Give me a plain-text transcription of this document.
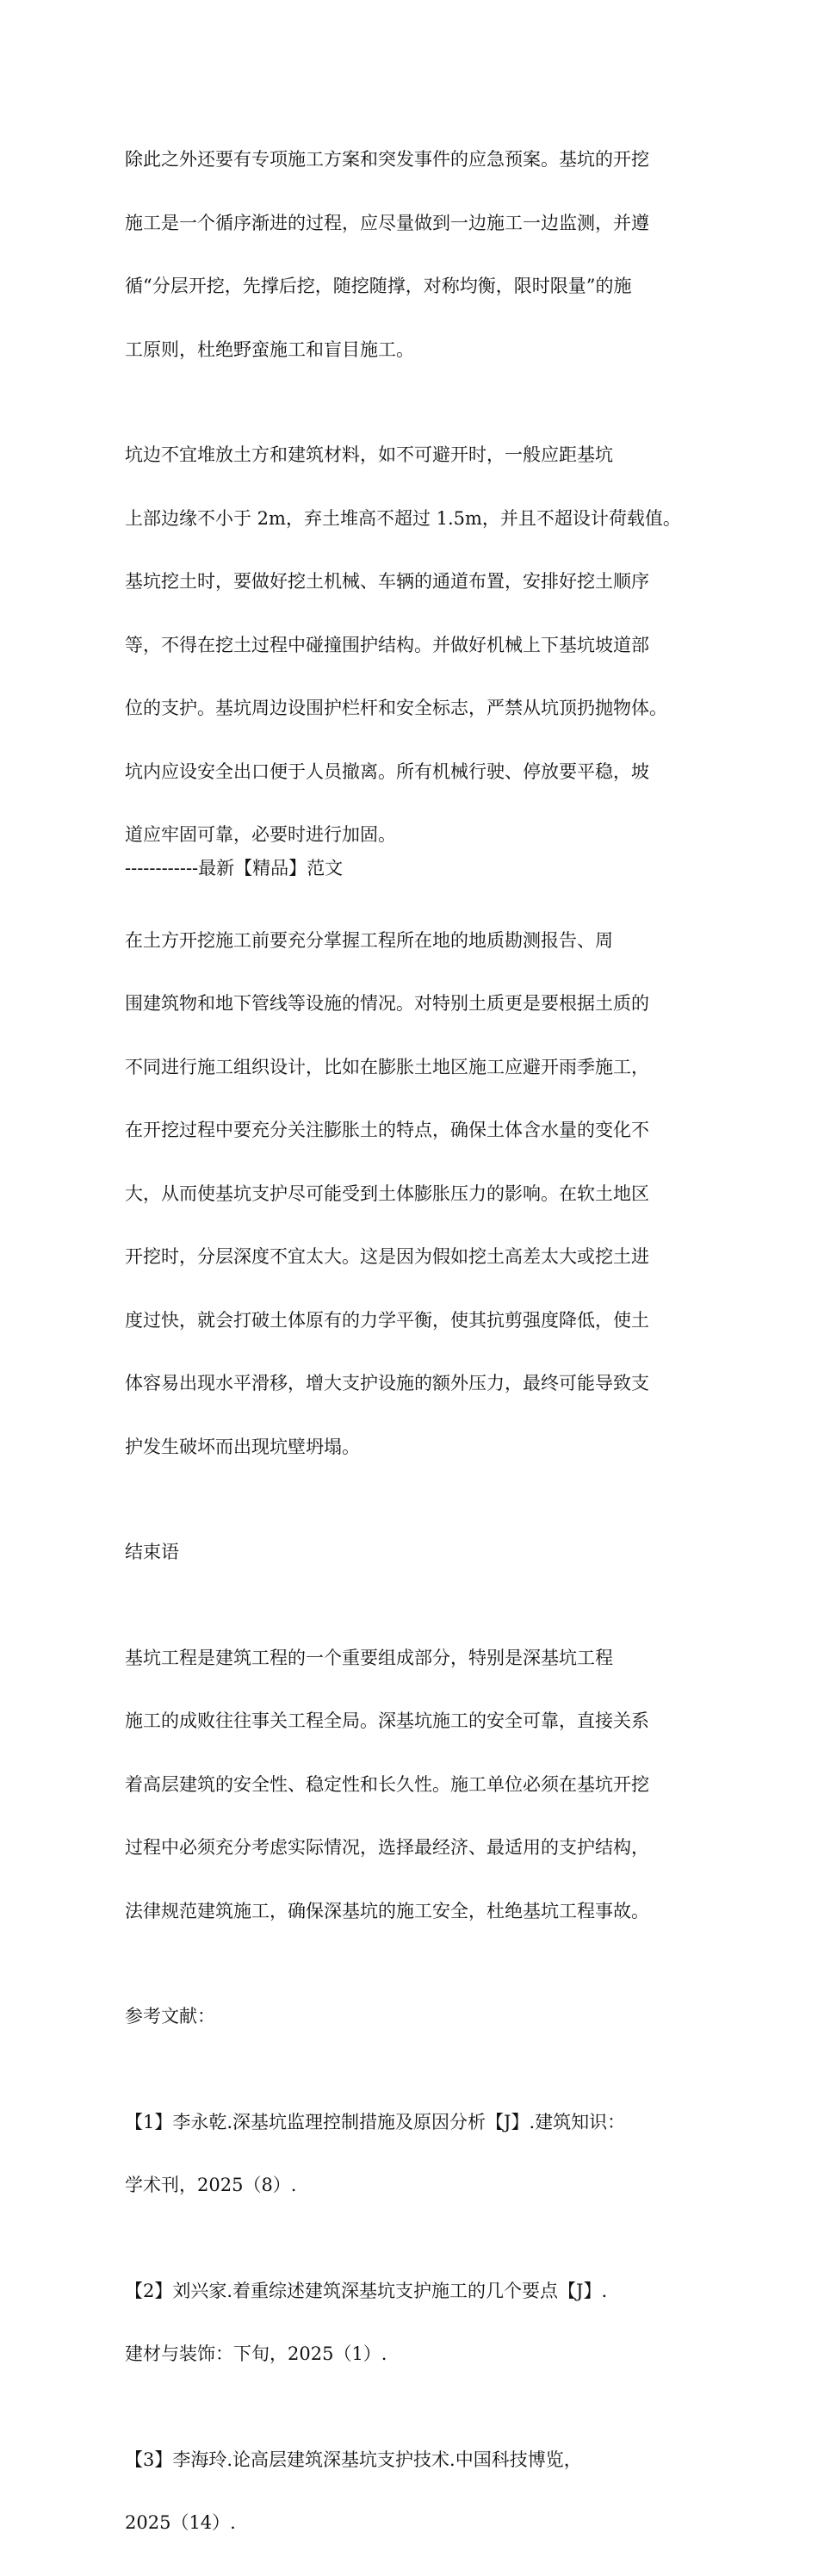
除此之外还要有专项施工方案和突发事件的应急预案。基坑的开挖

施工是一个循序渐进的过程，应尽量做到一边施工一边监测，并遵

循“分层开挖，先撑后挖，随挖随撑，对称均衡，限时限量”的施

工原则，杜绝野蛮施工和盲目施工。

坑边不宜堆放土方和建筑材料，如不可避开时，一般应距基坑

上部边缘不小于 2m，弃土堆高不超过 1.5m，并且不超设计荷载值。

基坑挖土时，要做好挖土机械、车辆的通道布置，安排好挖土顺序

等，不得在挖土过程中碰撞围护结构。并做好机械上下基坑坡道部

位的支护。基坑周边设围护栏杆和安全标志，严禁从坑顶扔抛物体。

坑内应设安全出口便于人员撤离。所有机械行驶、停放要平稳，坡

道应牢固可靠，必要时进行加固。

在土方开挖施工前要充分掌握工程所在地的地质勘测报告、周

围建筑物和地下管线等设施的情况。对特别土质更是要根据土质的

不同进行施工组织设计，比如在膨胀土地区施工应避开雨季施工，

在开挖过程中要充分关注膨胀土的特点，确保土体含水量的变化不

大，从而使基坑支护尽可能受到土体膨胀压力的影响。在软土地区

开挖时，分层深度不宜太大。这是因为假如挖土高差太大或挖土进

度过快，就会打破土体原有的力学平衡，使其抗剪强度降低，使土

体容易出现水平滑移，增大支护设施的额外压力，最终可能导致支

护发生破坏而出现坑壁坍塌。

结束语

基坑工程是建筑工程的一个重要组成部分，特别是深基坑工程

施工的成败往往事关工程全局。深基坑施工的安全可靠，直接关系

着高层建筑的安全性、稳定性和长久性。施工单位必须在基坑开挖

过程中必须充分考虑实际情况，选择最经济、最适用的支护结构，

法律规范建筑施工，确保深基坑的施工安全，杜绝基坑工程事故。

参考文献：

【1】李永乾.深基坑监理控制措施及原因分析【J】.建筑知识：

学术刊，2025（8）.

【2】刘兴家.着重综述建筑深基坑支护施工的几个要点【J】.

建材与装饰：下旬，2025（1）.

【3】李海玲.论高层建筑深基坑支护技术.中国科技博览，

2025（14）.

------------最新【精品】范文
